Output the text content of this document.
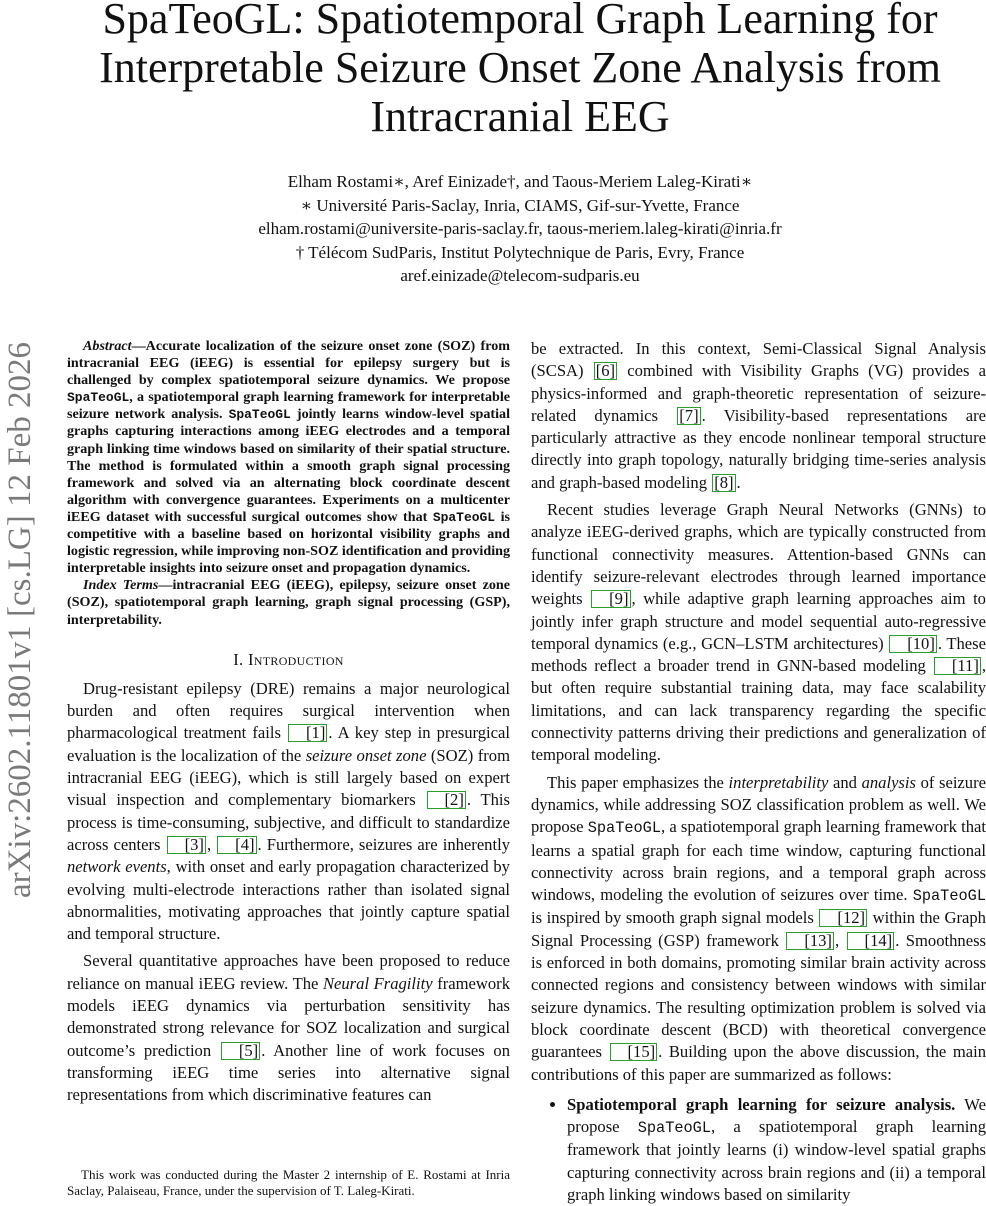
arXiv:2602.11801v1 [cs.LG] 12 Feb 2026
SpaTeoGL: Spatiotemporal Graph Learning for Interpretable Seizure Onset Zone Analysis from Intracranial EEG
Elham Rostami∗, Aref Einizade†, and Taous-Meriem Laleg-Kirati∗
∗ Université Paris-Saclay, Inria, CIAMS, Gif-sur-Yvette, France
elham.rostami@universite-paris-saclay.fr, taous-meriem.laleg-kirati@inria.fr
† Télécom SudParis, Institut Polytechnique de Paris, Evry, France
aref.einizade@telecom-sudparis.eu

Abstract—Accurate localization of the seizure onset zone (SOZ) from intracranial EEG (iEEG) is essential for epilepsy surgery but is challenged by complex spatiotemporal seizure dynamics. We propose SpaTeoGL, a spatiotemporal graph learning framework for interpretable seizure network analysis. SpaTeoGL jointly learns window-level spatial graphs capturing interactions among iEEG electrodes and a temporal graph linking time windows based on similarity of their spatial structure. The method is formulated within a smooth graph signal processing framework and solved via an alternating block coordinate descent algorithm with convergence guarantees. Experiments on a multicenter iEEG dataset with successful surgical outcomes show that SpaTeoGL is competitive with a baseline based on horizontal visibility graphs and logistic regression, while improving non-SOZ identification and providing interpretable insights into seizure onset and propagation dynamics.

Index Terms—intracranial EEG (iEEG), epilepsy, seizure onset zone (SOZ), spatiotemporal graph learning, graph signal processing (GSP), interpretability.

I. Introduction

Drug-resistant epilepsy (DRE) remains a major neurological burden and often requires surgical intervention when pharmacological treatment fails [1] . A key step in presurgical evaluation is the localization of the seizure onset zone (SOZ) from intracranial EEG (iEEG), which is still largely based on expert visual inspection and complementary biomarkers [2] . This process is time-consuming, subjective, and difficult to standardize across centers [3] , [4] . Furthermore, seizures are inherently network events, with onset and early propagation characterized by evolving multi-electrode interactions rather than isolated signal abnormalities, motivating approaches that jointly capture spatial and temporal structure.

Several quantitative approaches have been proposed to reduce reliance on manual iEEG review. The Neural Fragility framework models iEEG dynamics via perturbation sensitivity has demonstrated strong relevance for SOZ localization and surgical outcome’s prediction [5] . Another line of work focuses on transforming iEEG time series into alternative signal representations from which discriminative features can

This work was conducted during the Master 2 internship of E. Rostami at Inria Saclay, Palaiseau, France, under the supervision of T. Laleg-Kirati.

be extracted. In this context, Semi-Classical Signal Analysis (SCSA) [6] combined with Visibility Graphs (VG) provides a physics-informed and graph-theoretic representation of seizure-related dynamics [7] . Visibility-based representations are particularly attractive as they encode nonlinear temporal structure directly into graph topology, naturally bridging time-series analysis and graph-based modeling [8] .

Recent studies leverage Graph Neural Networks (GNNs) to analyze iEEG-derived graphs, which are typically constructed from functional connectivity measures. Attention-based GNNs can identify seizure-relevant electrodes through learned importance weights [9] , while adaptive graph learning approaches aim to jointly infer graph structure and model sequential auto-regressive temporal dynamics (e.g., GCN–LSTM architectures) [10] . These methods reflect a broader trend in GNN-based modeling [11] , but often require substantial training data, may face scalability limitations, and can lack transparency regarding the specific connectivity patterns driving their predictions and generalization of temporal modeling.

This paper emphasizes the interpretability and analysis of seizure dynamics, while addressing SOZ classification problem as well. We propose SpaTeoGL, a spatiotemporal graph learning framework that learns a spatial graph for each time window, capturing functional connectivity across brain regions, and a temporal graph across windows, modeling the evolution of seizures over time. SpaTeoGL is inspired by smooth graph signal models [12] within the Graph Signal Processing (GSP) framework [13] , [14] . Smoothness is enforced in both domains, promoting similar brain activity across connected regions and consistency between windows with similar seizure dynamics. The resulting optimization problem is solved via block coordinate descent (BCD) with theoretical convergence guarantees [15] . Building upon the above discussion, the main contributions of this paper are summarized as follows:

• Spatiotemporal graph learning for seizure analysis. We propose SpaTeoGL, a spatiotemporal graph learning framework that jointly learns (i) window-level spatial graphs capturing connectivity across brain regions and (ii) a temporal graph linking windows based on similarity
